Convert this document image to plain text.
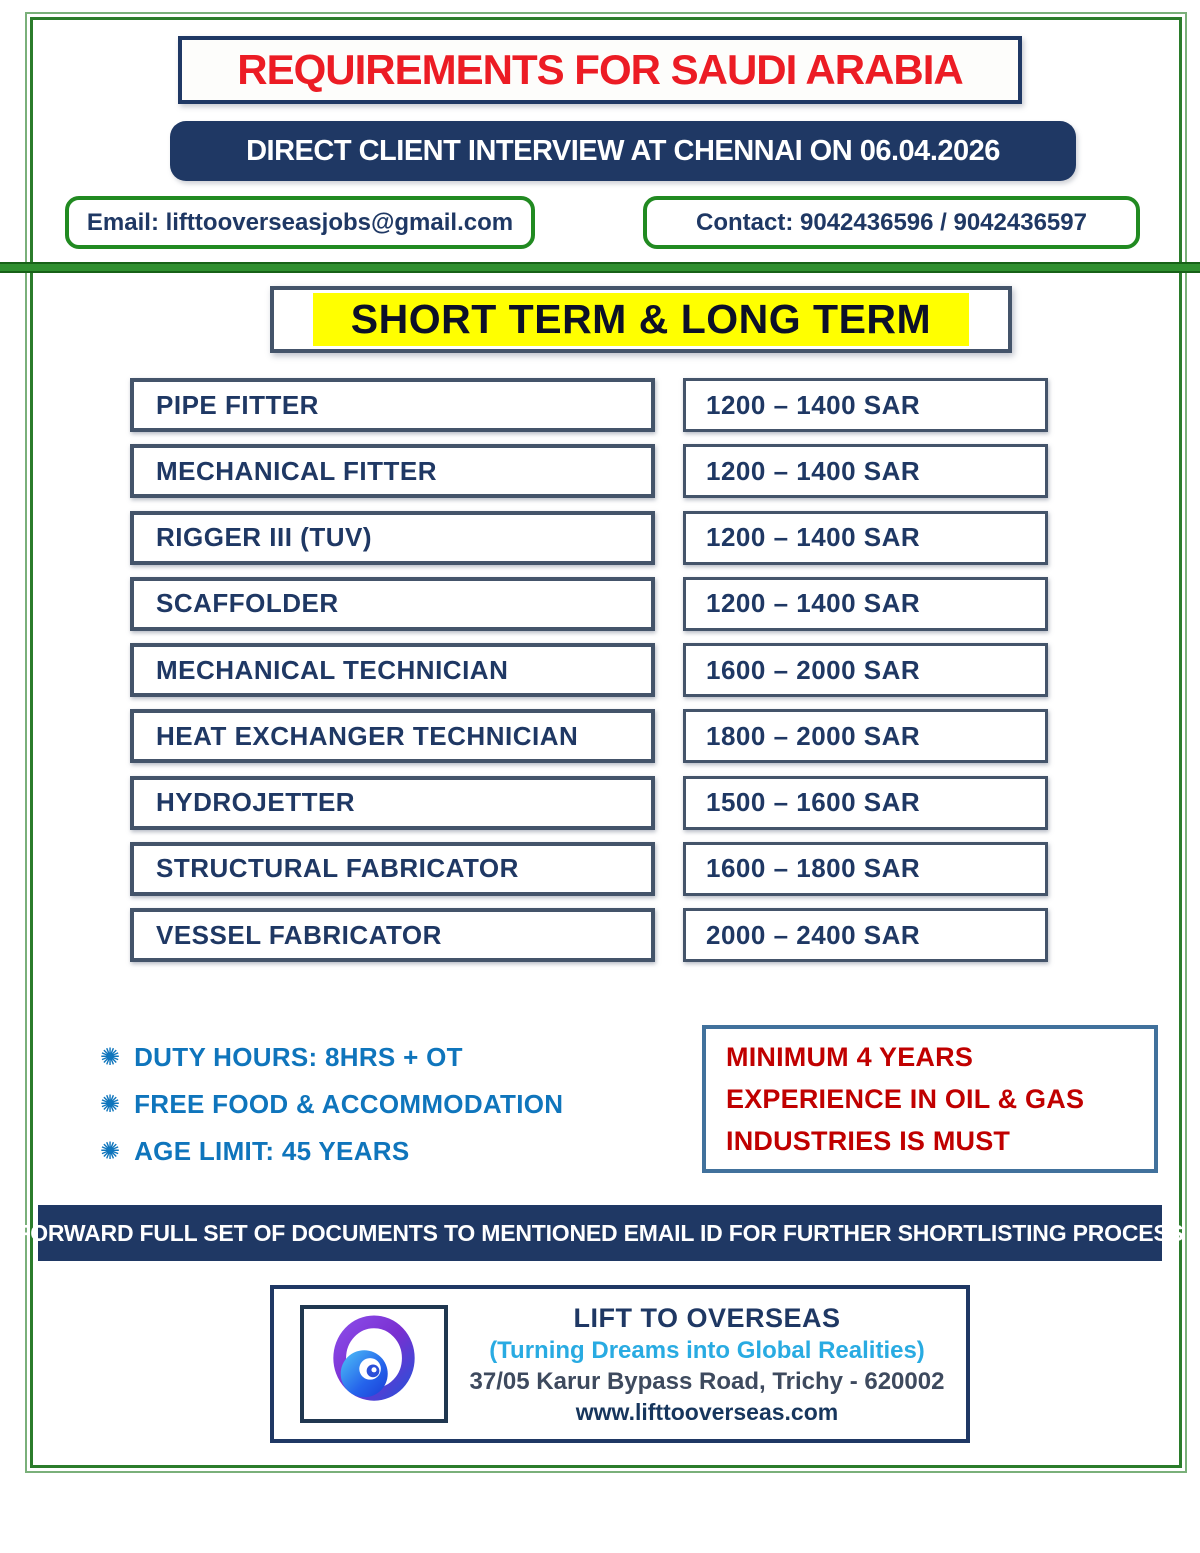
REQUIREMENTS FOR SAUDI ARABIA
DIRECT CLIENT INTERVIEW AT CHENNAI ON 06.04.2026
Email: lifttooverseasjobs@gmail.com	Contact: 9042436596 / 9042436597
SHORT TERM & LONG TERM
PIPE FITTER	1200 – 1400 SAR
MECHANICAL FITTER	1200 – 1400 SAR
RIGGER III (TUV)	1200 – 1400 SAR
SCAFFOLDER	1200 – 1400 SAR
MECHANICAL TECHNICIAN	1600 – 2000 SAR
HEAT EXCHANGER TECHNICIAN	1800 – 2000 SAR
HYDROJETTER	1500 – 1600 SAR
STRUCTURAL FABRICATOR	1600 – 1800 SAR
VESSEL FABRICATOR	2000 – 2400 SAR
✺ DUTY HOURS: 8HRS + OT
✺ FREE FOOD & ACCOMMODATION
✺ AGE LIMIT: 45 YEARS
MINIMUM 4 YEARS
EXPERIENCE IN OIL & GAS
INDUSTRIES IS MUST
FORWARD FULL SET OF DOCUMENTS TO MENTIONED EMAIL ID FOR FURTHER SHORTLISTING PROCESS
LIFT TO OVERSEAS
(Turning Dreams into Global Realities)
37/05 Karur Bypass Road, Trichy - 620002
www.lifttooverseas.com
